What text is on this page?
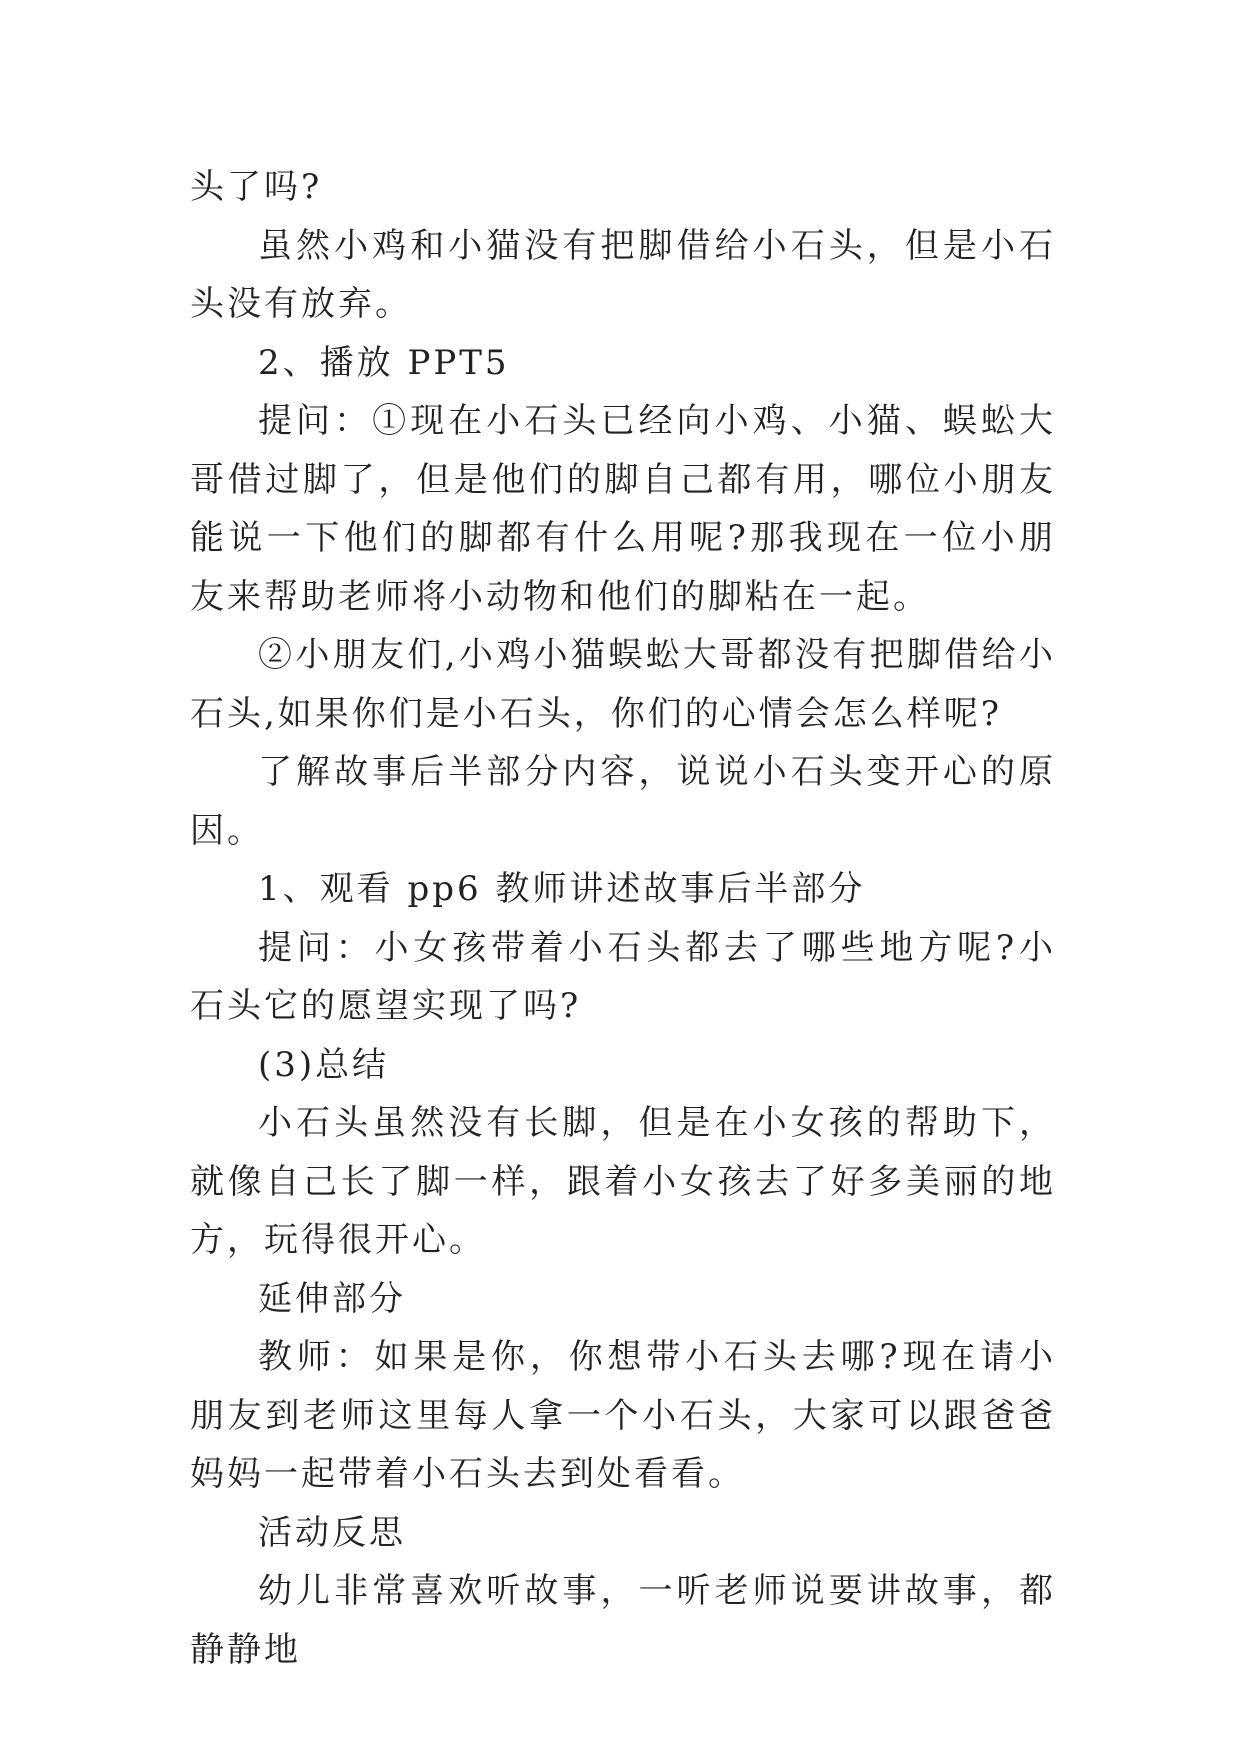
头了吗?

虽然小鸡和小猫没有把脚借给小石头，但是小石头没有放弃。

2、播放 PPT5

提问：①现在小石头已经向小鸡、小猫、蜈蚣大哥借过脚了，但是他们的脚自己都有用，哪位小朋友能说一下他们的脚都有什么用呢?那我现在一位小朋友来帮助老师将小动物和他们的脚粘在一起。

②小朋友们,小鸡小猫蜈蚣大哥都没有把脚借给小石头,如果你们是小石头，你们的心情会怎么样呢?

了解故事后半部分内容，说说小石头变开心的原因。

1、观看 pp6 教师讲述故事后半部分

提问：小女孩带着小石头都去了哪些地方呢?小石头它的愿望实现了吗?

(3)总结

小石头虽然没有长脚，但是在小女孩的帮助下，就像自己长了脚一样，跟着小女孩去了好多美丽的地方，玩得很开心。

延伸部分

教师：如果是你，你想带小石头去哪?现在请小朋友到老师这里每人拿一个小石头，大家可以跟爸爸妈妈一起带着小石头去到处看看。

活动反思

幼儿非常喜欢听故事，一听老师说要讲故事，都静静地
